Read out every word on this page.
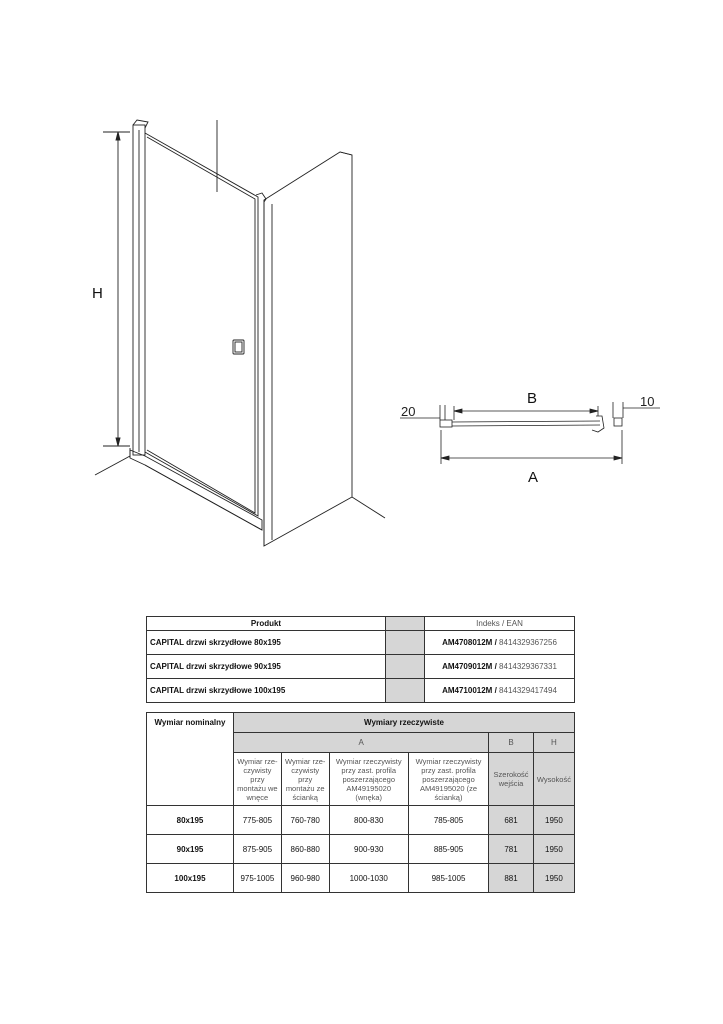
H
B
A
20
10
Produkt		Indeks / EAN
CAPITAL drzwi skrzydłowe 80x195		AM4708012M / 8414329367256
CAPITAL drzwi skrzydłowe 90x195		AM4709012M / 8414329367331
CAPITAL drzwi skrzydłowe 100x195		AM4710012M / 8414329417494
Wymiar nominalny	Wymiary rzeczywiste					
	A				B	H
	Wymiar rze-czywisty przy montażu we wnęce	Wymiar rze-czywisty przy montażu ze ścianką	Wymiar rzeczywisty przy zast. profila poszerzającego AM49195020 (wnęka)	Wymiar rzeczywisty przy zast. profila poszerzającego AM49195020 (ze ścianką)	Szerokość wejścia	Wysokość
80x195	775-805	760-780	800-830	785-805	681	1950
90x195	875-905	860-880	900-930	885-905	781	1950
100x195	975-1005	960-980	1000-1030	985-1005	881	1950
